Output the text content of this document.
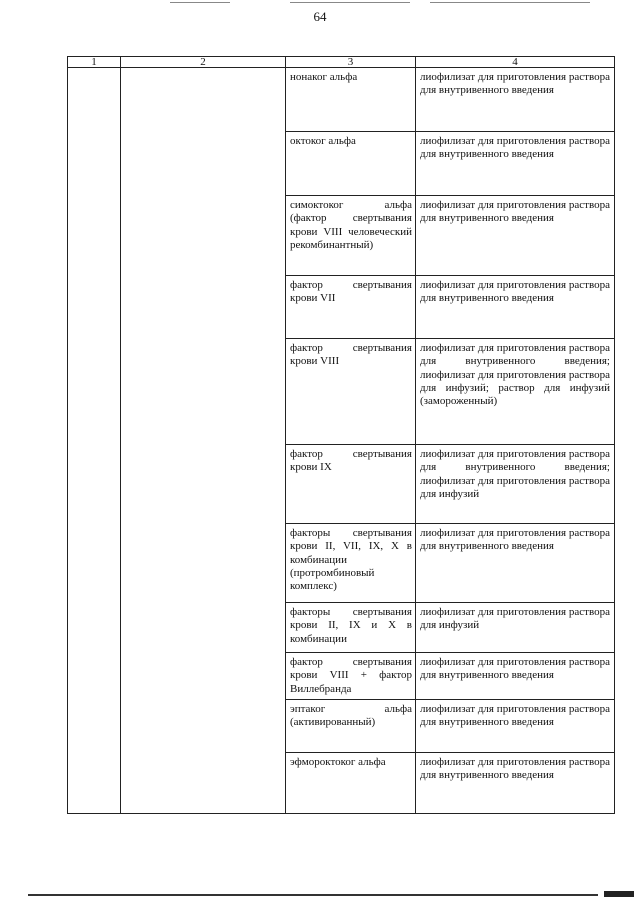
64
1	2	3	4

		нонаког альфа	лиофилизат для приготовления раствора для внутривенного введения

		октоког альфа	лиофилизат для приготовления раствора для внутривенного введения

		симоктоког альфа (фактор свертывания крови VIII человеческий рекомбинантный)	лиофилизат для приготовления раствора для внутривенного введения

		фактор свертывания крови VII	лиофилизат для приготовления раствора для внутривенного введения

		фактор свертывания крови VIII	лиофилизат для приготовления раствора для внутривенного введения; лиофилизат для приготовления раствора для инфузий; раствор для инфузий (замороженный)

		фактор свертывания крови IX	лиофилизат для приготовления раствора для внутривенного введения; лиофилизат для приготовления раствора для инфузий

		факторы свертывания крови II, VII, IX, X в комбинации (протромбиновый комплекс)	лиофилизат для приготовления раствора для внутривенного введения

		факторы свертывания крови II, IX и X в комбинации	лиофилизат для приготовления раствора для инфузий

		фактор свертывания крови VIII + фактор Виллебранда	лиофилизат для приготовления раствора для внутривенного введения

		эптаког альфа (активированный)	лиофилизат для приготовления раствора для внутривенного введения

		эфмороктоког альфа	лиофилизат для приготовления раствора для внутривенного введения
